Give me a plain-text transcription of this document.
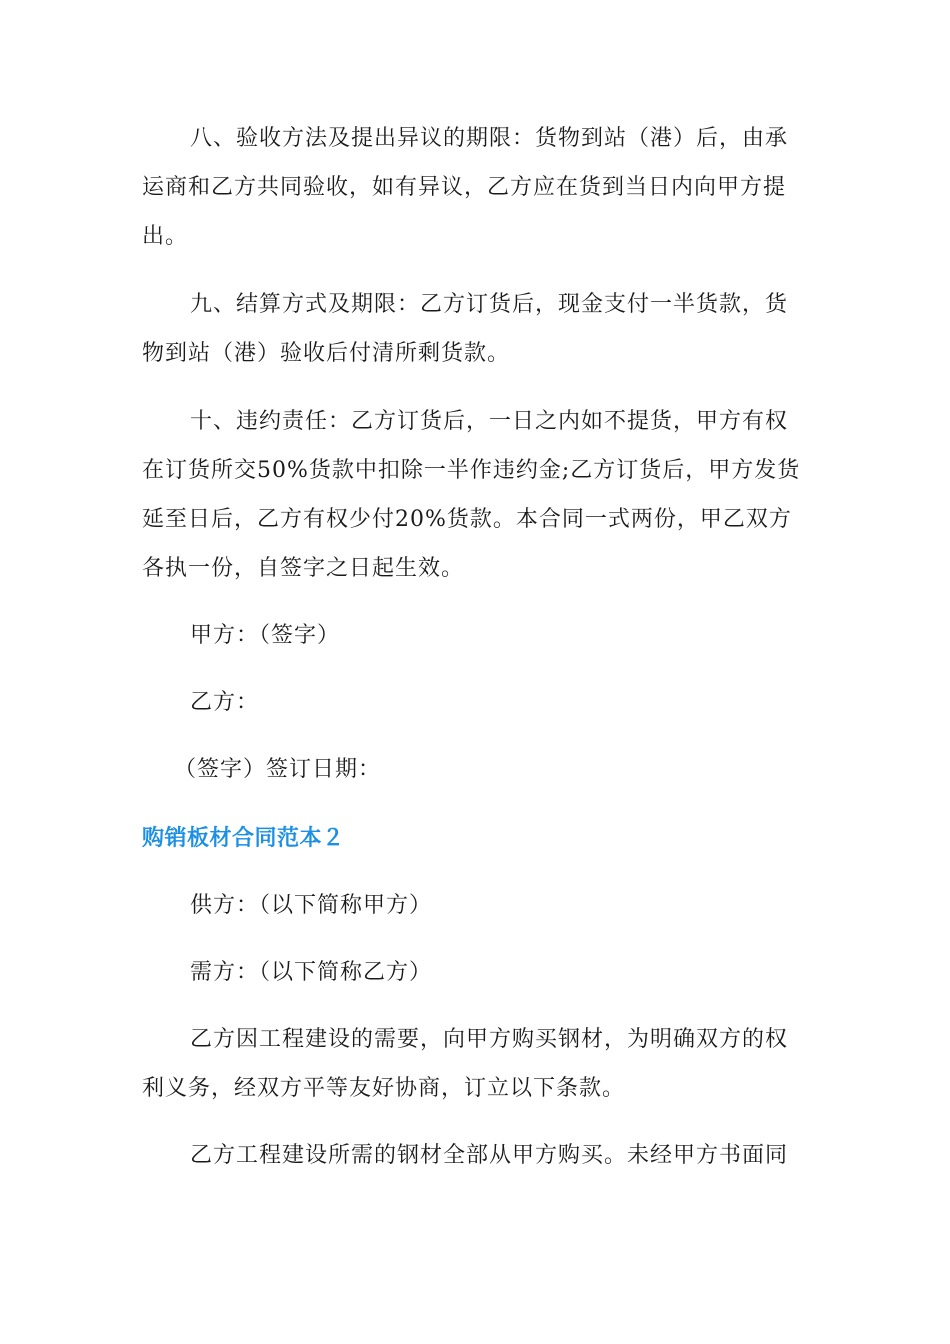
八、验收方法及提出异议的期限：货物到站（港）后，由承运商和乙方共同验收，如有异议，乙方应在货到当日内向甲方提出。

九、结算方式及期限：乙方订货后，现金支付一半货款，货物到站（港）验收后付清所剩货款。

十、违约责任：乙方订货后，一日之内如不提货，甲方有权在订货所交50%货款中扣除一半作违约金;乙方订货后，甲方发货延至日后，乙方有权少付20%货款。本合同一式两份，甲乙双方各执一份，自签字之日起生效。

甲方：（签字）

乙方：

（签字）签订日期：

购销板材合同范本２

供方：（以下简称甲方）

需方：（以下简称乙方）

乙方因工程建设的需要，向甲方购买钢材，为明确双方的权利义务，经双方平等友好协商，订立以下条款。

乙方工程建设所需的钢材全部从甲方购买。未经甲方书面同
